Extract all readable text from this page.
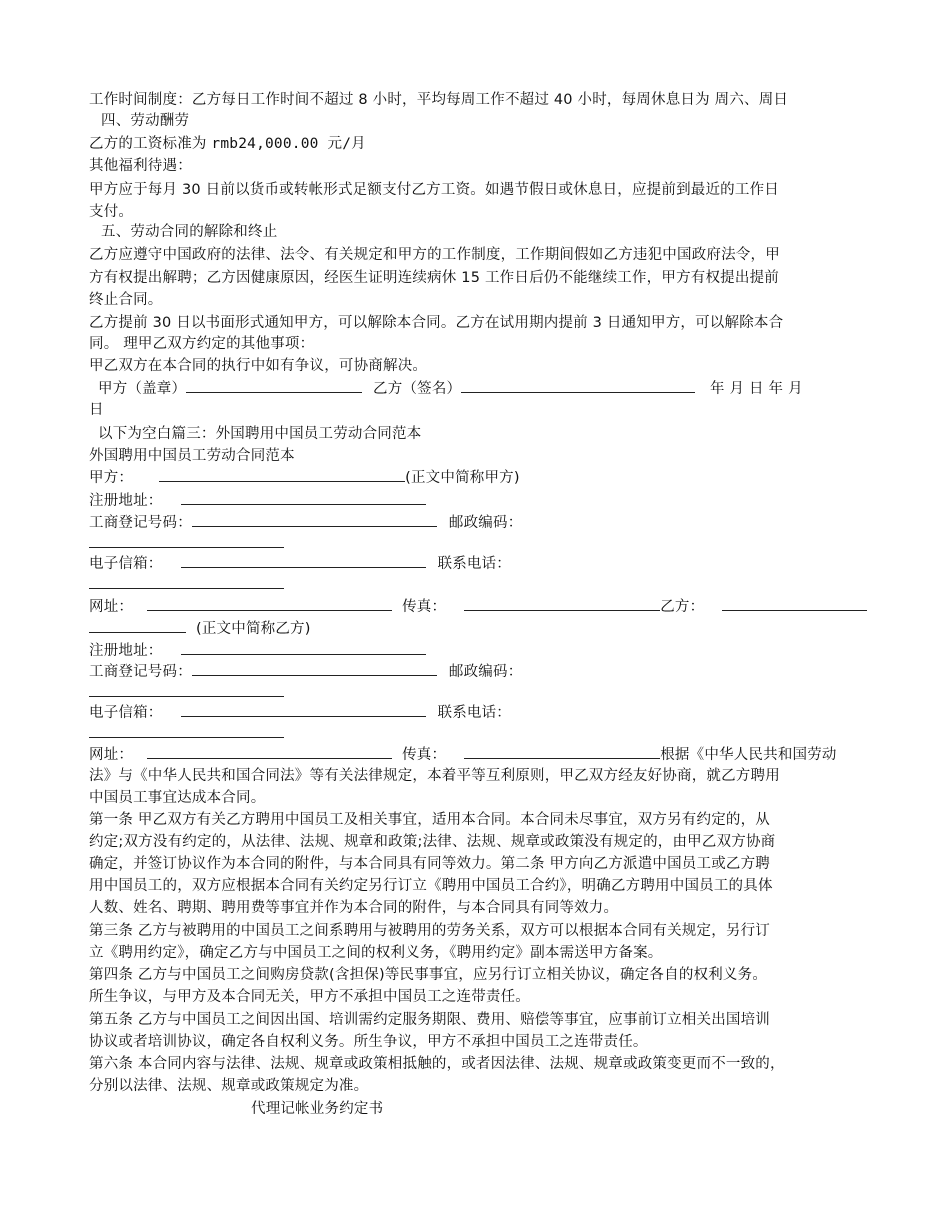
工作时间制度：乙方每日工作时间不超过 8 小时，平均每周工作不超过 40 小时，每周休息日为 周六、周日
四、劳动酬劳
乙方的工资标准为 rmb24,000.00 元/月
其他福利待遇：
甲方应于每月 30 日前以货币或转帐形式足额支付乙方工资。如遇节假日或休息日，应提前到最近的工作日
支付。
五、劳动合同的解除和终止
乙方应遵守中国政府的法律、法令、有关规定和甲方的工作制度，工作期间假如乙方违犯中国政府法令，甲
方有权提出解聘；乙方因健康原因，经医生证明连续病休 15 工作日后仍不能继续工作，甲方有权提出提前
终止合同。
乙方提前 30 日以书面形式通知甲方，可以解除本合同。乙方在试用期内提前 3 日通知甲方，可以解除本合
同。 理甲乙双方约定的其他事项：
甲乙双方在本合同的执行中如有争议，可协商解决。
甲方（盖章）	乙方（签名）	年 月 日 年 月
日
以下为空白篇三：外国聘用中国员工劳动合同范本
外国聘用中国员工劳动合同范本
甲方：	(正文中简称甲方)
注册地址：
工商登记号码：	邮政编码：
电子信箱：	联系电话：
网址：	传真：	乙方：
(正文中简称乙方)
注册地址：
工商登记号码：	邮政编码：
电子信箱：	联系电话：
网址：	传真：	根据《中华人民共和国劳动
法》与《中华人民共和国合同法》等有关法律规定，本着平等互利原则，甲乙双方经友好协商，就乙方聘用
中国员工事宜达成本合同。
第一条 甲乙双方有关乙方聘用中国员工及相关事宜，适用本合同。本合同未尽事宜，双方另有约定的，从
约定;双方没有约定的，从法律、法规、规章和政策;法律、法规、规章或政策没有规定的，由甲乙双方协商
确定，并签订协议作为本合同的附件，与本合同具有同等效力。第二条 甲方向乙方派遣中国员工或乙方聘
用中国员工的，双方应根据本合同有关约定另行订立《聘用中国员工合约》，明确乙方聘用中国员工的具体
人数、姓名、聘期、聘用费等事宜并作为本合同的附件，与本合同具有同等效力。
第三条 乙方与被聘用的中国员工之间系聘用与被聘用的劳务关系，双方可以根据本合同有关规定，另行订
立《聘用约定》，确定乙方与中国员工之间的权利义务，《聘用约定》副本需送甲方备案。
第四条 乙方与中国员工之间购房贷款(含担保)等民事事宜，应另行订立相关协议，确定各自的权利义务。
所生争议，与甲方及本合同无关，甲方不承担中国员工之连带责任。
第五条 乙方与中国员工之间因出国、培训需约定服务期限、费用、赔偿等事宜，应事前订立相关出国培训
协议或者培训协议，确定各自权利义务。所生争议，甲方不承担中国员工之连带责任。
第六条 本合同内容与法律、法规、规章或政策相抵触的，或者因法律、法规、规章或政策变更而不一致的，
分别以法律、法规、规章或政策规定为准。
代理记帐业务约定书
